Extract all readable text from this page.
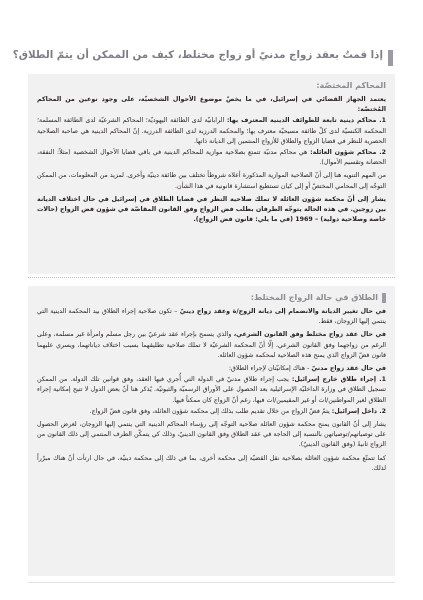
إذا قمتُ بعقد زواج مدنيّ أو زواج مختلط، كيف من الممكن أن يتمّ الطلاق؟
المحاكم المختصّة:

يعتمد الجهاز القضائي في إسرائيل، في ما يخصّ موضوع الأحوال الشخصيّة، على وجود نوعين من المحاكم المُختصّة:

1. محاكم دينية تابعة للطوائف الدينية المعترف بها: الرابانيّة لدى الطائفة اليهوديّة؛ المحاكم الشرعيّة لدى الطائفة المسلمة؛ المحكمة الكنسيّة لدى كلّ طائفة مسيحيّة معترف بها؛ والمحكمة الدرزية لدى الطائفة الدرزية. إنّ المحاكم الدينية هي صاحبة الصلاحية الحصرية للنظر في قضايا الزواج والطلاق للأزواج المنتمين إلى الديانة ذاتها.

2. محاكم شؤون العائلة: هي محاكم مدنيّة تتمتع بصلاحية موازية للمحاكم الدينية في باقي قضايا الأحوال الشخصية (مثلاً: النفقة، الحضانة وتقسيم الأموال).

من المهم التنويه هنا إلى أنّ الصلاحية الموازية المذكورة أعلاه شروطاً تختلف بين طائفة دينيّة وأخرى. لمزيد من المعلومات، من الممكن التوجّه إلى المحامي المختصّ أو إلى كيان تستطيع استشارة قانونية في هذا الشأن.

يشار إلى أنّ محكمة شؤون العائلة لا تملك صلاحية النظر في قضايا الطلاق في إسرائيل في حال اختلاف الديانة بين زوجين. في هذه الحالة يتوجّه الطرفان بطلب فض الزواج وفق القانون المقاصّة في شؤون فض الزواج (حالات خاصة وصلاحية دولية) – 1969 (في ما يلي: قانون فض الزواج).

الطلاق في حالة الزواج المختلط:

في حال تغيير الديانة والانضمام إلى ديانة الزوج/ة وعقد زواج دينيّ – تكون صلاحية إجراء الطلاق بيد المحكمة الدينية التي ينتمي إليها الزوجان، فقط.

في حال عقد زواج مختلط وفق القانون الشرعي، والذي يسمح بإجراء عقد شرعيّ بين رجل مسلم وامرأة غير مسلمة، وعلى الرغم من زواجهما وفق القانون الشرعي، إلّا أنّ المحكمة الشرعيّة لا تملك صلاحية تطليقهما بسبب اختلاف دياناتهما، ويسري عليهما قانون فضّ الزواج الذي يمنح هذه الصلاحية لمحكمة شؤون العائلة.

في حال عقد زواج مدنيّ - هناك إمكانيّتان لإجراء الطلاق:

1. إجراء طلاق خارج إسرائيل: يجب إجراء طلاق مدنيّ في الدولة التي أُجري فيها العقد، وفق قوانين تلك الدولة. من الممكن تسجيل الطلاق في وزارة الداخليّة الإسرائيلية بعد الحصول على الأوراق الرسميّة والثبوتيّة. يُذكر هنا أنّ بعض الدول لا تتيح إمكانية إجراء الطلاق لغير المواطنين/ات أو غير المقيمين/ات فيها، رغم أنّ الزواج كان ممكناً فيها.

2. داخل إسرائيل: يتمّ فضّ الزواج من خلال تقديم طلب بذلك إلى محكمة شؤون العائلة، وفق قانون فضّ الزواج.

يشار إلى أنّ القانون يمنح محكمة شؤون العائلة صلاحية التوجّه إلى رؤساء المحاكم الدينية التي ينتمي إليها الزوجان، لغرض الحصول على توصياتهم/توصياتهن بالنسبة إلى الحاجة في عقد الطلاق وفق القانون الدينيّ، وذلك كي يتمكّن الطرف المنتمي إلى ذلك القانون من الزواج ثانيةً (وفق القانون الدينيّ).

كما تتمتّع محكمة شؤون العائلة بصلاحية نقل القضيّة إلى محكمة أخرى، بما في ذلك إلى محكمة دينيّة، في حال ارتأت أنّ هناك مبرّراً لذلك.
